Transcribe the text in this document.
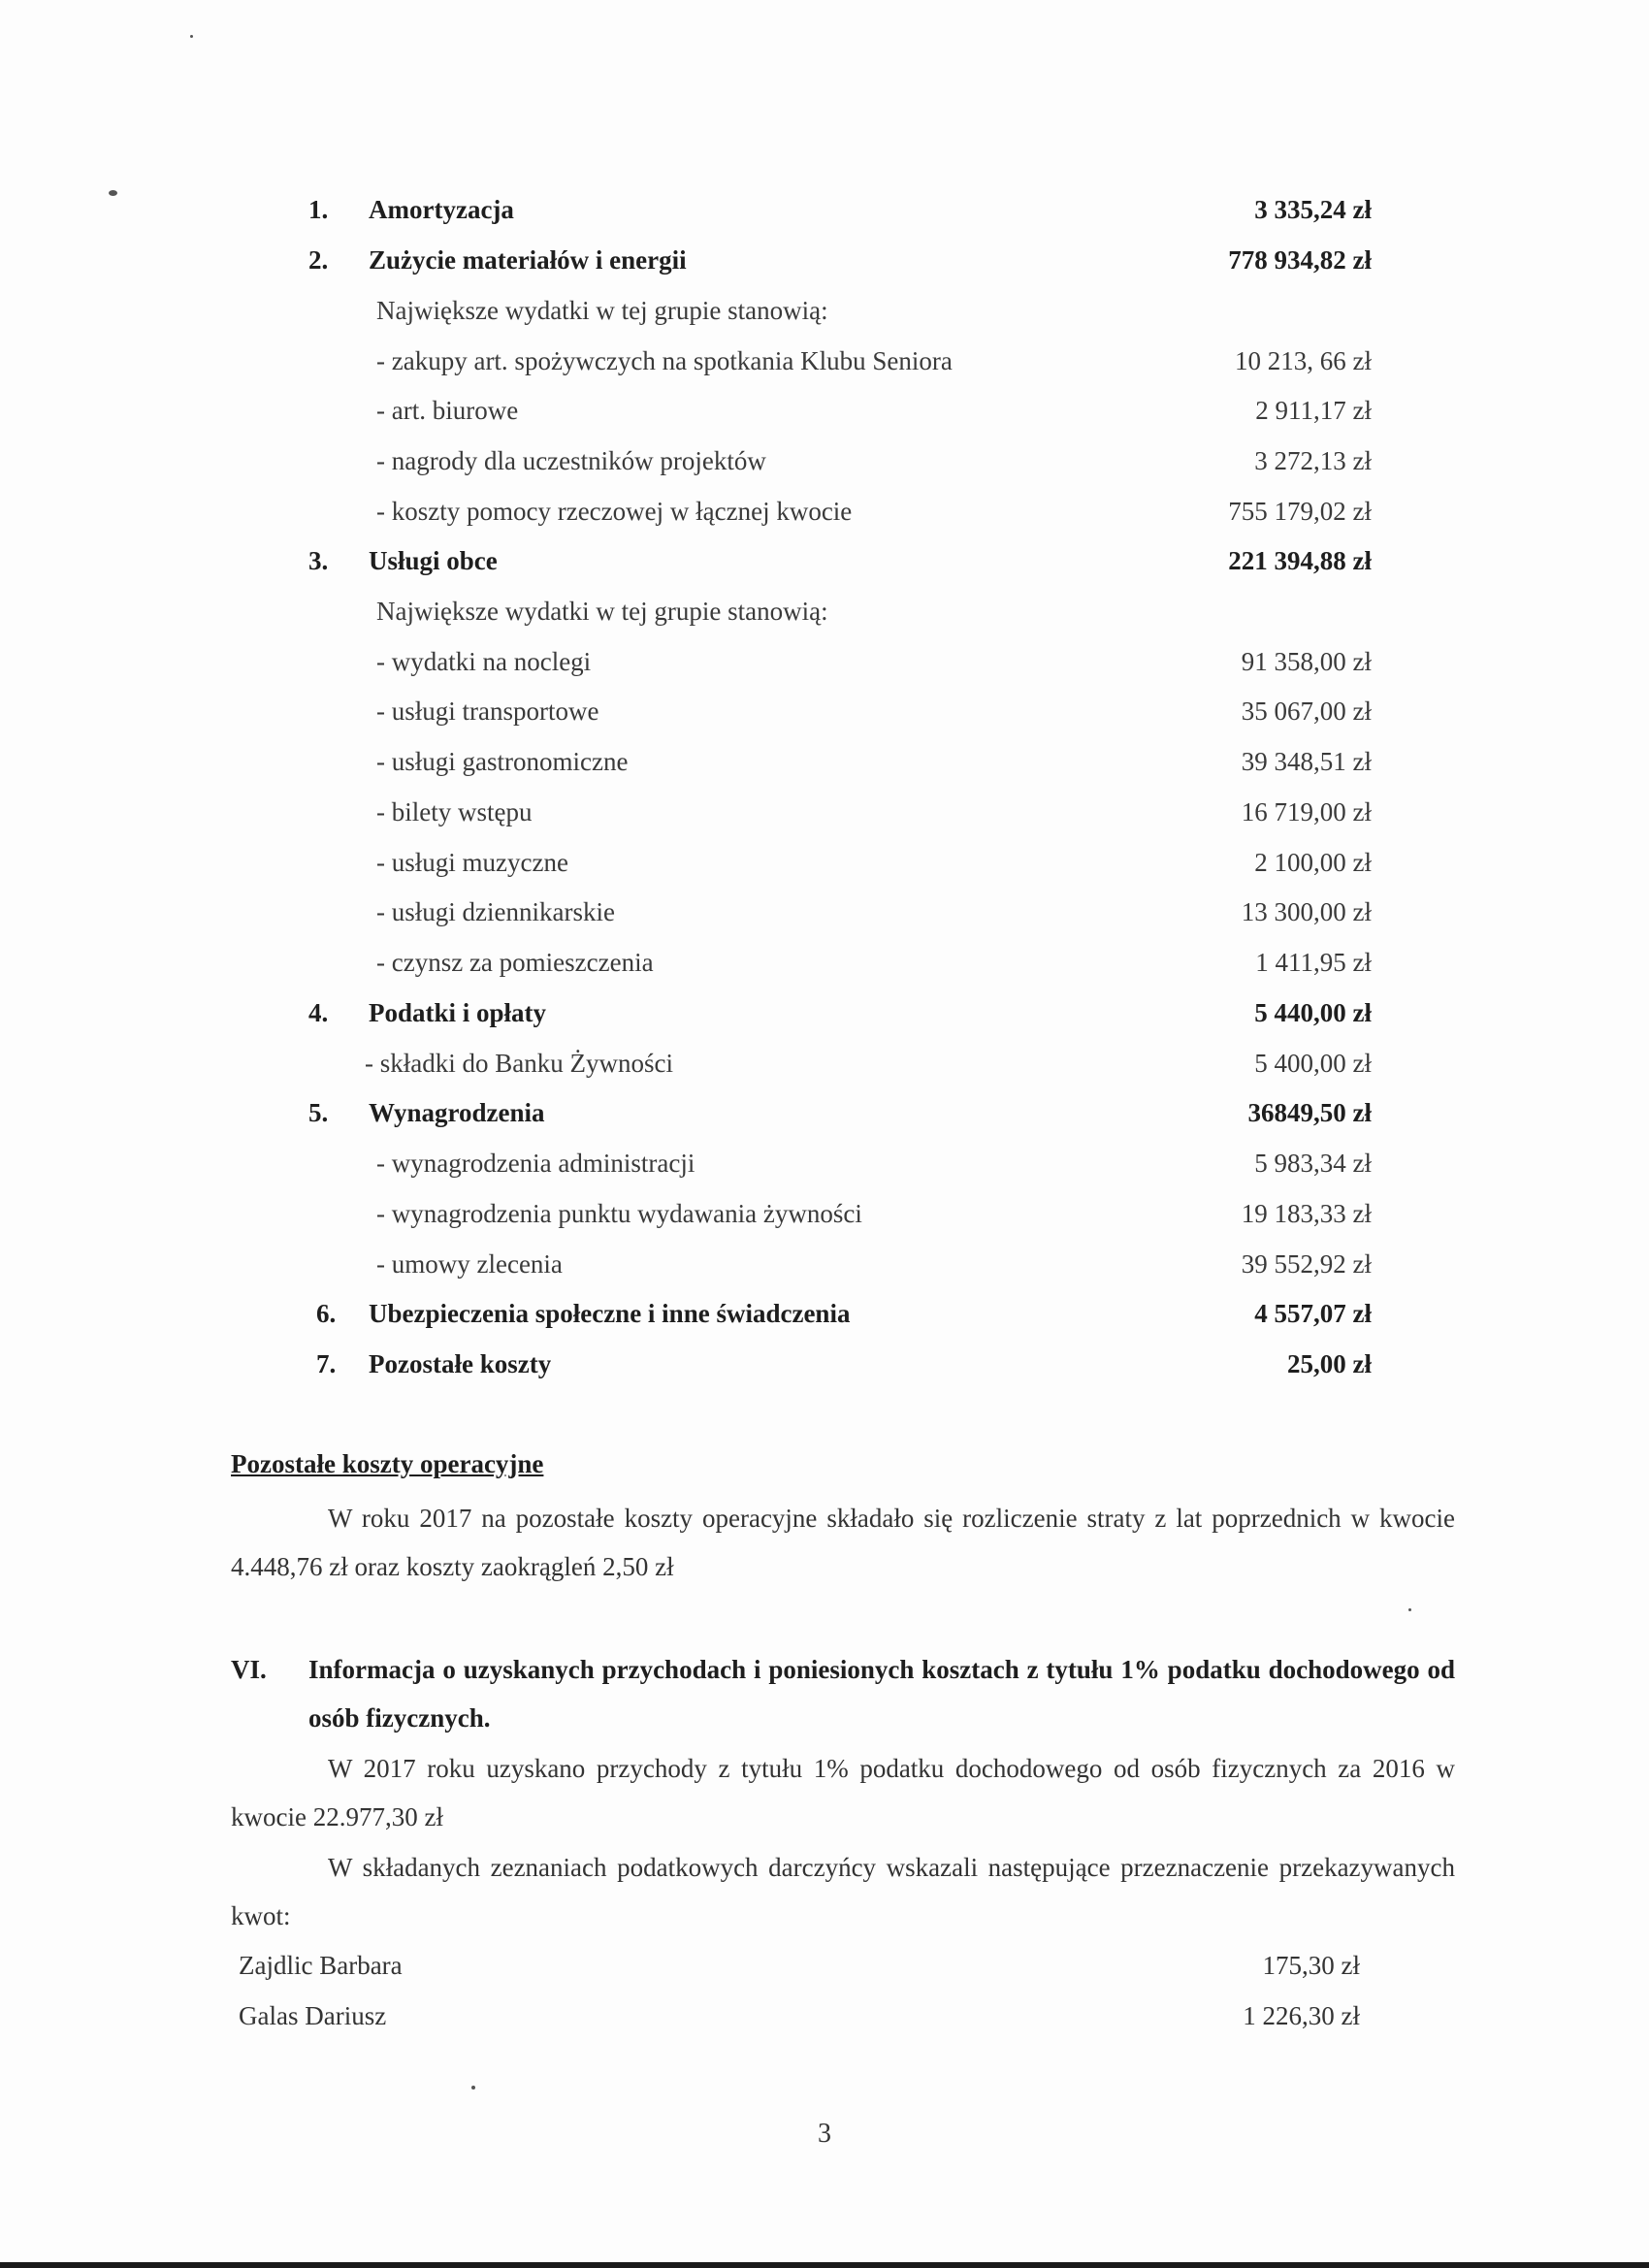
1.	Amortyzacja	3 335,24 zł
2.	Zużycie materiałów i energii	778 934,82 zł
Największe wydatki w tej grupie stanowią:
- zakupy art. spożywczych na spotkania Klubu Seniora	10 213, 66 zł
- art. biurowe	2 911,17 zł
- nagrody dla uczestników projektów	3 272,13 zł
- koszty pomocy rzeczowej w łącznej kwocie	755 179,02 zł
3.	Usługi obce	221 394,88 zł
Największe wydatki w tej grupie stanowią:
- wydatki na noclegi	91 358,00 zł
- usługi transportowe	35 067,00 zł
- usługi gastronomiczne	39 348,51 zł
- bilety wstępu	16 719,00 zł
- usługi muzyczne	2 100,00 zł
- usługi dziennikarskie	13 300,00 zł
- czynsz za pomieszczenia	1 411,95 zł
4.	Podatki i opłaty	5 440,00 zł
- składki do Banku Żywności	5 400,00 zł
5.	Wynagrodzenia	36849,50 zł
- wynagrodzenia administracji	5 983,34 zł
- wynagrodzenia punktu wydawania żywności	19 183,33 zł
- umowy zlecenia	39 552,92 zł
6.	Ubezpieczenia społeczne i inne świadczenia	4 557,07 zł
7.	Pozostałe koszty	25,00 zł
Pozostałe koszty operacyjne
W roku 2017 na pozostałe koszty operacyjne składało się rozliczenie straty z lat poprzednich w kwocie 4.448,76 zł oraz koszty zaokrągleń 2,50 zł
VI. Informacja o uzyskanych przychodach i poniesionych kosztach z tytułu 1% podatku dochodowego od osób fizycznych.
W 2017 roku uzyskano przychody z tytułu 1% podatku dochodowego od osób fizycznych za 2016 w kwocie 22.977,30 zł
W składanych zeznaniach podatkowych darczyńcy wskazali następujące przeznaczenie przekazywanych kwot:
Zajdlic Barbara	175,30 zł
Galas Dariusz	1 226,30 zł
3
